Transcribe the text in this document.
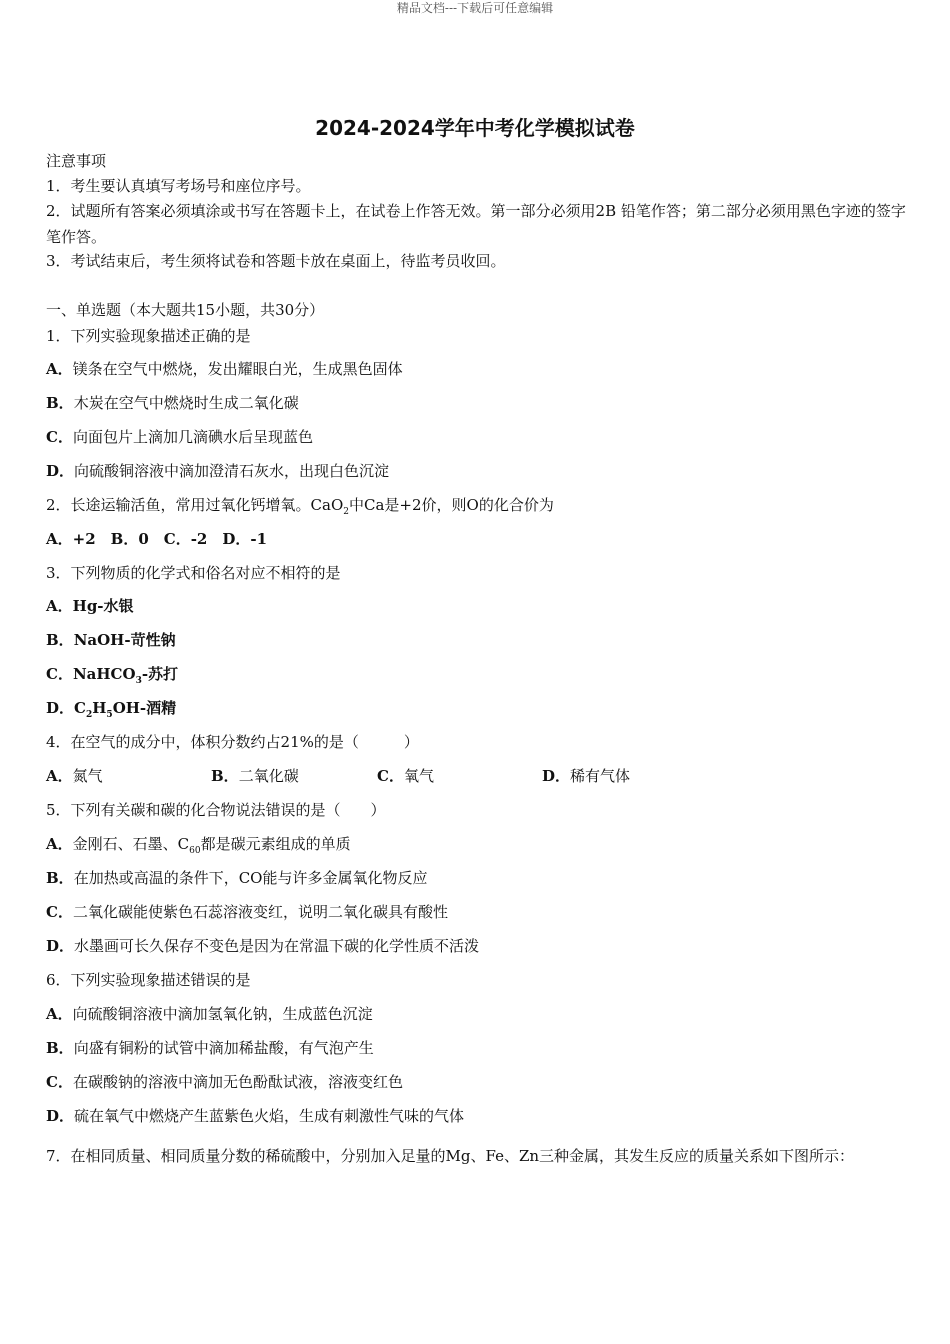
精品文档---下载后可任意编辑
2024-2024学年中考化学模拟试卷
注意事项
1．考生要认真填写考场号和座位序号。
2．试题所有答案必须填涂或书写在答题卡上，在试卷上作答无效。第一部分必须用2B 铅笔作答；第二部分必须用黑色字迹的签字笔作答。
3．考试结束后，考生须将试卷和答题卡放在桌面上，待监考员收回。
一、单选题（本大题共15小题，共30分）
1．下列实验现象描述正确的是
A．镁条在空气中燃烧，发出耀眼白光，生成黑色固体
B．木炭在空气中燃烧时生成二氧化碳
C．向面包片上滴加几滴碘水后呈现蓝色
D．向硫酸铜溶液中滴加澄清石灰水，出现白色沉淀
2．长途运输活鱼，常用过氧化钙增氧。CaO$_2$中Ca是+2价，则O的化合价为
A．+2　B．0　C．-2　D．-1
3．下列物质的化学式和俗名对应不相符的是
A．Hg-水银
B．NaOH-苛性钠
C．NaHCO$_3$-苏打
D．$C_2H_5OH-$酒精
4．在空气的成分中，体积分数约占21%的是（　　　）
A．氮气	B．二氧化碳	C．氧气	D．稀有气体
5．下列有关碳和碳的化合物说法错误的是（　　）
A．金刚石、石墨、$C_{60}$都是碳元素组成的单质
B．在加热或高温的条件下，CO能与许多金属氧化物反应
C．二氧化碳能使紫色石蕊溶液变红，说明二氧化碳具有酸性
D．水墨画可长久保存不变色是因为在常温下碳的化学性质不活泼
6．下列实验现象描述错误的是
A．向硫酸铜溶液中滴加氢氧化钠，生成蓝色沉淀
B．向盛有铜粉的试管中滴加稀盐酸，有气泡产生
C．在碳酸钠的溶液中滴加无色酚酞试液，溶液变红色
D．硫在氧气中燃烧产生蓝紫色火焰，生成有刺激性气味的气体
7．在相同质量、相同质量分数的稀硫酸中，分别加入足量的Mg、Fe、Zn三种金属，其发生反应的质量关系如下图所示：
